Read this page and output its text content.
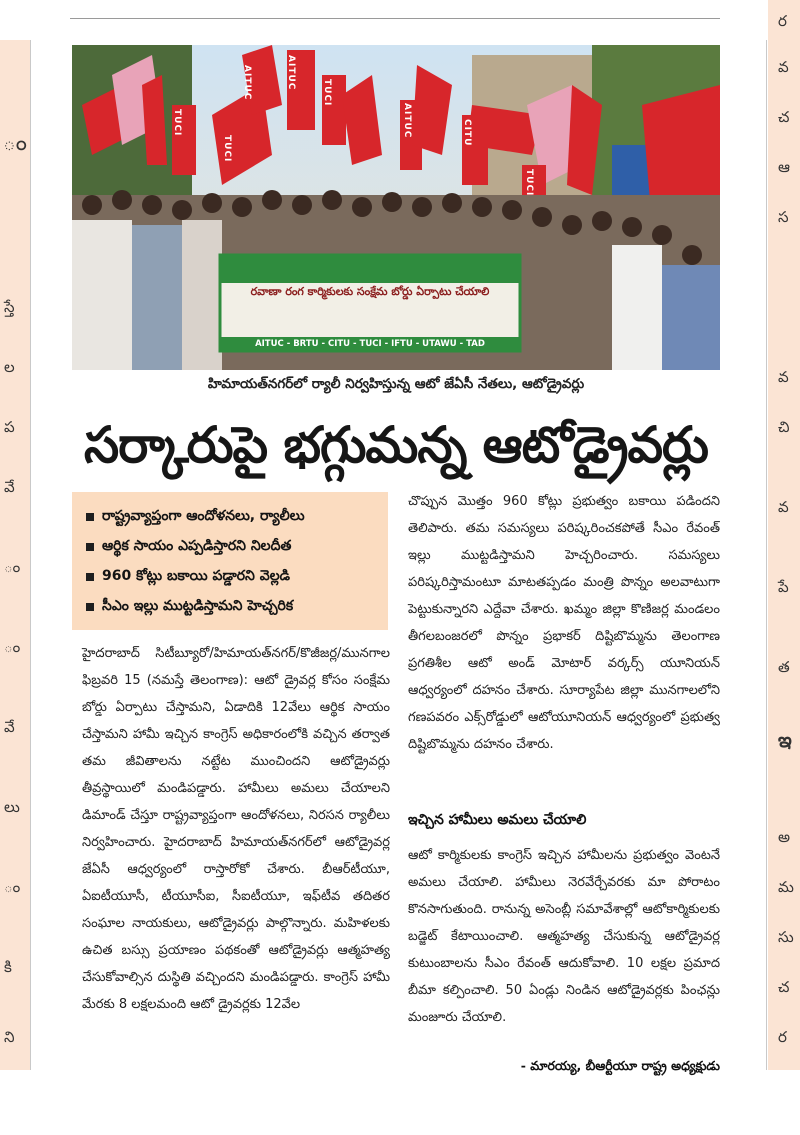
ం
స్తే
ల
ప
వే
ం
ం
వే
లు
ం
కి
ని
ర
వ
చ
ఆ
స
వ
చి
వ
పే
త
ఇ
అ
మ
సు
చ
ర
రవాణా రంగ కార్మికులకు సంక్షేమ బోర్డు ఏర్పాటు చేయాలి
AITUC - BRTU - CITU - TUCI - IFTU - UTAWU - TAD
TUCI
AITUC
TUCI
AITUC	CITU
TUCI
TUCI
AITUC
హిమాయత్‌నగర్‌లో ర్యాలీ నిర్వహిస్తున్న ఆటో జేఏసీ నేతలు, ఆటోడ్రైవర్లు
సర్కారుపై భగ్గుమన్న ఆటోడ్రైవర్లు
రాష్ట్రవ్యాప్తంగా ఆందోళనలు, ర్యాలీలు
ఆర్థిక సాయం ఎప్పడిస్తారని నిలదీత
960 కోట్లు బకాయి పడ్డారని వెల్లడి
సీఎం ఇల్లు ముట్టడిస్తామని హెచ్చరిక

హైదరాబాద్ సిటీబ్యూరో/హిమాయత్‌నగర్/కొజీజర్ల/మునగాల ఫిబ్రవరి 15 (నమస్తే తెలంగాణ): ఆటో డ్రైవర్ల కోసం సంక్షేమ బోర్డు ఏర్పాటు చేస్తామని, ఏడాదికి 12వేలు ఆర్థిక సాయం చేస్తామని హామీ ఇచ్చిన కాంగ్రెస్ అధికారంలోకి వచ్చిన తర్వాత తమ జీవితాలను నట్టేట ముంచిందని ఆటోడ్రైవర్లు తీవ్రస్థాయిలో మండిపడ్డారు. హామీలు అమలు చేయాలని డిమాండ్ చేస్తూ రాష్ట్రవ్యాప్తంగా ఆందోళనలు, నిరసన ర్యాలీలు నిర్వహించారు. హైదరాబాద్ హిమాయత్‌నగర్‌లో ఆటోడ్రైవర్ల జేఏసీ ఆధ్వర్యంలో రాస్తారోకో చేశారు. బీఆర్‌టీయూ, ఏఐటీయూసీ, టీయూసీఐ, సీఐటీయూ, ఇఫ్‌టీవ తదితర సంఘాల నాయకులు, ఆటోడ్రైవర్లు పాల్గొన్నారు. మహిళలకు ఉచిత బస్సు ప్రయాణం పథకంతో ఆటోడ్రైవర్లు ఆత్మహత్య చేసుకోవాల్సిన దుస్థితి వచ్చిందని మండిపడ్డారు. కాంగ్రెస్ హామీ మేరకు 8 లక్షలమంది ఆటో డ్రైవర్లకు 12వేల

చొప్పున మొత్తం 960 కోట్లు ప్రభుత్వం బకాయి పడిందని తెలిపారు. తమ సమస్యలు పరిష్కరించకపోతే సీఎం రేవంత్ ఇల్లు ముట్టడిస్తామని హెచ్చరించారు. సమస్యలు పరిష్కరిస్తామంటూ మాటతప్పడం మంత్రి పొన్నం అలవాటుగా పెట్టుకున్నారని ఎద్దేవా చేశారు. ఖమ్మం జిల్లా కొణిజర్ల మండలం తీగలబంజరలో పొన్నం ప్రభాకర్ దిష్టిబొమ్మను తెలంగాణ ప్రగతిశీల ఆటో అండ్ మోటార్ వర్కర్స్ యూనియన్ ఆధ్వర్యంలో దహనం చేశారు. సూర్యాపేట జిల్లా మునగాలలోని గణపవరం ఎక్స్‌రోడ్డులో ఆటోయూనియన్ ఆధ్వర్యంలో ప్రభుత్వ దిష్టిబొమ్మను దహనం చేశారు.

ఇచ్చిన హామీలు అమలు చేయాలి

ఆటో కార్మికులకు కాంగ్రెస్ ఇచ్చిన హామీలను ప్రభుత్వం వెంటనే అమలు చేయాలి. హామీలు నెరవేర్చేవరకు మా పోరాటం కొనసాగుతుంది. రానున్న అసెంబ్లీ సమావేశాల్లో ఆటోకార్మికులకు బడ్జెట్ కేటాయించాలి. ఆత్మహత్య చేసుకున్న ఆటోడ్రైవర్ల కుటుంబాలను సీఎం రేవంత్ ఆదుకోవాలి. 10 లక్షల ప్రమాద బీమా కల్పించాలి. 50 ఏండ్లు నిండిన ఆటోడ్రైవర్లకు పింఛన్లు మంజూరు చేయాలి.

- మారయ్య, బీఆర్టీయూ రాష్ట్ర అధ్యక్షుడు
